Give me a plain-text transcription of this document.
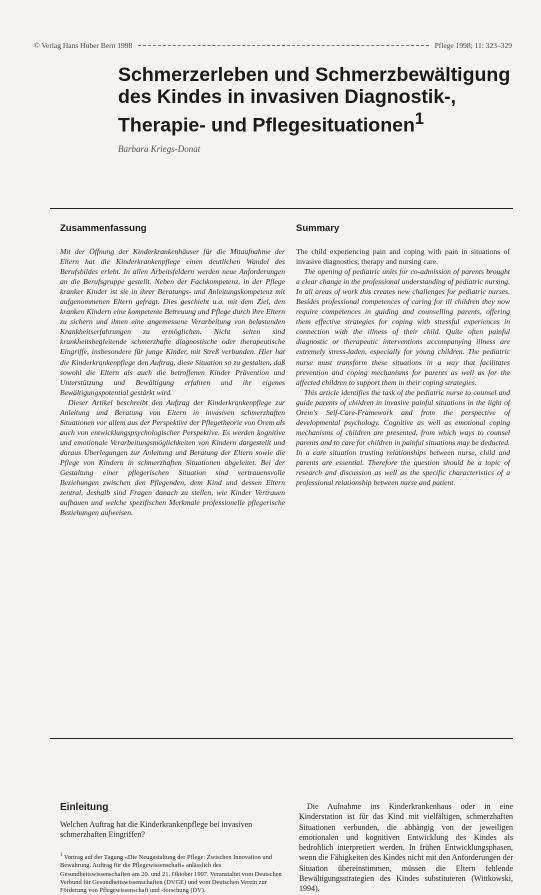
© Verlag Hans Huber Bern 1998	Pflege 1998; 11: 323–329
Schmerzerleben und Schmerzbewältigung des Kindes in invasiven Diagnostik-, Therapie- und Pflegesituationen$^1$
Barbara Kriegs-Donat
Zusammenfassung

Mit der Öffnung der Kinderkrankenhäuser für die Mitaufnahme der Eltern hat die Kinderkrankenpflege einen deutlichen Wandel des Berufsbildes erlebt. In allen Arbeitsfeldern werden neue Anforderungen an die Berufsgruppe gestellt. Neben der Fachkompetenz, in der Pflege kranker Kinder ist sie in ihrer Beratungs- und Anleitungskompetenz mit aufgenommenen Eltern gefragt. Dies geschieht u.a. mit dem Ziel, den kranken Kindern eine kompetente Betreuung und Pflege durch ihre Eltern zu sichern und ihnen eine angemessene Verarbeitung von belastenden Krankheitserfahrungen zu ermöglichen. Nicht selten sind krankheitsbegleitende schmerzhafte diagnostische oder therapeutische Eingriffe, insbesondere für junge Kinder, mit Streß verbunden. Hier hat die Kinderkrankenpflege den Auftrag, diese Situation so zu gestalten, daß sowohl die Eltern als auch die betroffenen Kinder Prävention und Unterstützung und Bewältigung erfahren und ihr eigenes Bewältigungspotential gestärkt wird.

Dieser Artikel beschreibt den Auftrag der Kinderkrankenpflege zur Anleitung und Beratung von Eltern in invasiven schmerzhaften Situationen vor allem aus der Perspektive der Pflegetheorie von Orem als auch von entwicklungspsychologischer Perspektive. Es werden kognitive und emotionale Verarbeitungsmöglichkeiten von Kindern dargestellt und daraus Überlegungen zur Anleitung und Beratung der Eltern sowie die Pflege von Kindern in schmerzhaften Situationen abgeleitet. Bei der Gestaltung einer pflegerischen Situation sind vertrauensvolle Beziehungen zwischen den Pflegenden, dem Kind und dessen Eltern zentral, deshalb sind Fragen danach zu stellen, wie Kinder Vertrauen aufbauen und welche spezifischen Merkmale professionelle pflegerische Beziehungen aufweisen.

Summary

The child experiencing pain and coping with pain in situations of invasive diagnostics, therapy and nursing care.

The opening of pediatric units for co-admission of parents brought a clear change in the professional understanding of pediatric nursing. In all areas of work this creates new challenges for pediatric nurses. Besides professional competences of caring for ill children they now require competences in guiding and counselling parents, offering them effective strategies for coping with stressful experiences in connection with the illness of their child. Quite often painful diagnostic or therapeutic interventions accompanying illness are extremely stress-laden, especially for young children. The pediatric nurse must transform these situations in a way that facilitates prevention and coping mechanisms for parents as well as for the affected children to support them in their coping strategies.

This article identifies the task of the pediatric nurse to counsel and guide parents of children in invasive painful situations in the light of Orem's Self-Care-Framework and from the perspective of developmental psychology. Cognitive as well as emotional coping mechanisms of children are presented, from which ways to counsel parents and to care for children in painful situations may be deducted. In a care situation trusting relationships between nurse, child and parents are essential. Therefore the question should be a topic of research and discussion as well as the specific characteristics of a professional relationship between nurse and patient.

Einleitung

Welchen Auftrag hat die Kinderkrankenpflege bei invasiven schmerzhaften Eingriffen?

$^1$ Vortrag auf der Tagung «Die Neugestaltung der Pflege: Zwischen Innovation und Bewahrung. Auftrag für die Pflegewissenschaft» anlässlich des Gesundheitswissenschaften am 20. und 21. Oktober 1997. Veranstaltet vom Deutschen Verbund für Gesundheitswissenschaften (DVGE) und vom Deutschen Verein zur Förderung von Pflegewissenschaft und -forschung (DV).

Die Aufnahme ins Kinderkrankenhaus oder in eine Kinderstation ist für das Kind mit vielfältigen, schmerzhaften Situationen verbunden, die abhängig von der jeweiligen emotionalen und kognitiven Entwicklung des Kindes als bedrohlich interpretiert werden. In frühen Entwicklungsphasen, wenn die Fähigkeiten des Kindes nicht mit den Anforderungen der Situation übereinstimmen, müssen die Eltern fehlende Bewältigungsstrategien des Kindes substituieren (Wittkowski, 1994).
